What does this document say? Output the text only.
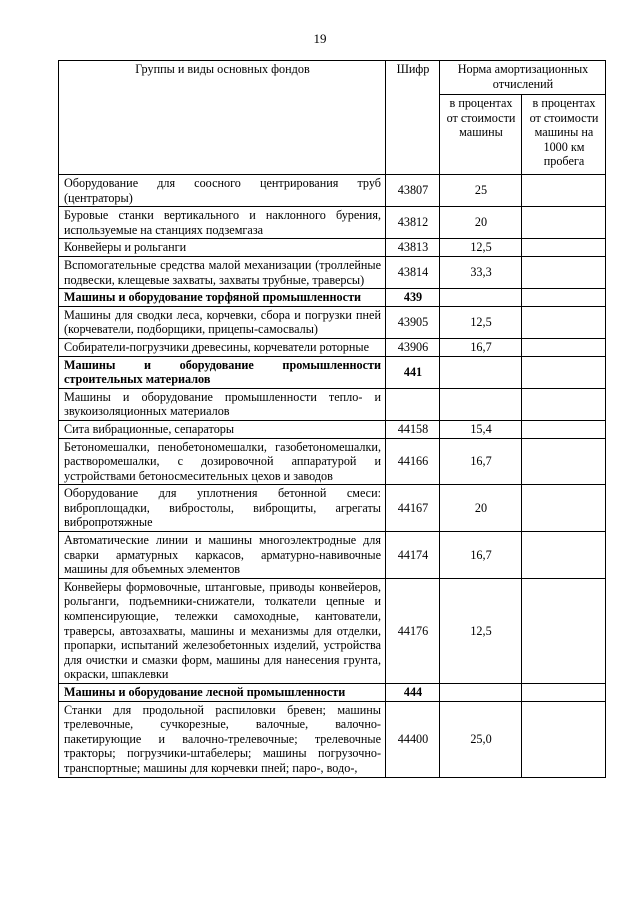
19
Группы и виды основных фондов	Шифр	Норма амортизационных отчислений	
		в процентах от стоимости машины	в процентах от стоимости машины на 1000 км пробега
Оборудование для соосного центрирования труб (центраторы)	43807	25	
Буровые станки вертикального и наклонного бурения, используемые на станциях подземгаза	43812	20	
Конвейеры и рольганги	43813	12,5	
Вспомогательные средства малой механизации (троллейные подвески, клещевые захваты, захваты трубные, траверсы)	43814	33,3	
Машины и оборудование торфяной промышленности	439		
Машины для сводки леса, корчевки, сбора и погрузки пней (корчеватели, подборщики, прицепы-самосвалы)	43905	12,5	
Собиратели-погрузчики древесины, корчеватели роторные	43906	16,7	
Машины и оборудование промышленности строительных материалов	441		
Машины и оборудование промышленности тепло- и звукоизоляционных материалов			
Сита вибрационные, сепараторы	44158	15,4	
Бетономешалки, пенобетономешалки, газобетономешалки, растворомешалки, с дозировочной аппаратурой и устройствами бетоносмесительных цехов и заводов	44166	16,7	
Оборудование для уплотнения бетонной смеси: виброплощадки, вибростолы, виброщиты, агрегаты вибропротяжные	44167	20	
Автоматические линии и машины многоэлектродные для сварки арматурных каркасов, арматурно-навивочные машины для объемных элементов	44174	16,7	
Конвейеры формовочные, штанговые, приводы конвейеров, рольганги, подъемники-снижатели, толкатели цепные и компенсирующие, тележки самоходные, кантователи, траверсы, автозахваты, машины и механизмы для отделки, пропарки, испытаний железобетонных изделий, устройства для очистки и смазки форм, машины для нанесения грунта, окраски, шпаклевки	44176	12,5	
Машины и оборудование лесной промышленности	444		
Станки для продольной распиловки бревен; машины трелевочные, сучкорезные, валочные, валочно-пакетирующие и валочно-трелевочные; трелевочные тракторы; погрузчики-штабелеры; машины погрузочно-транспортные; машины для корчевки пней; паро-, водо-,	44400	25,0	
